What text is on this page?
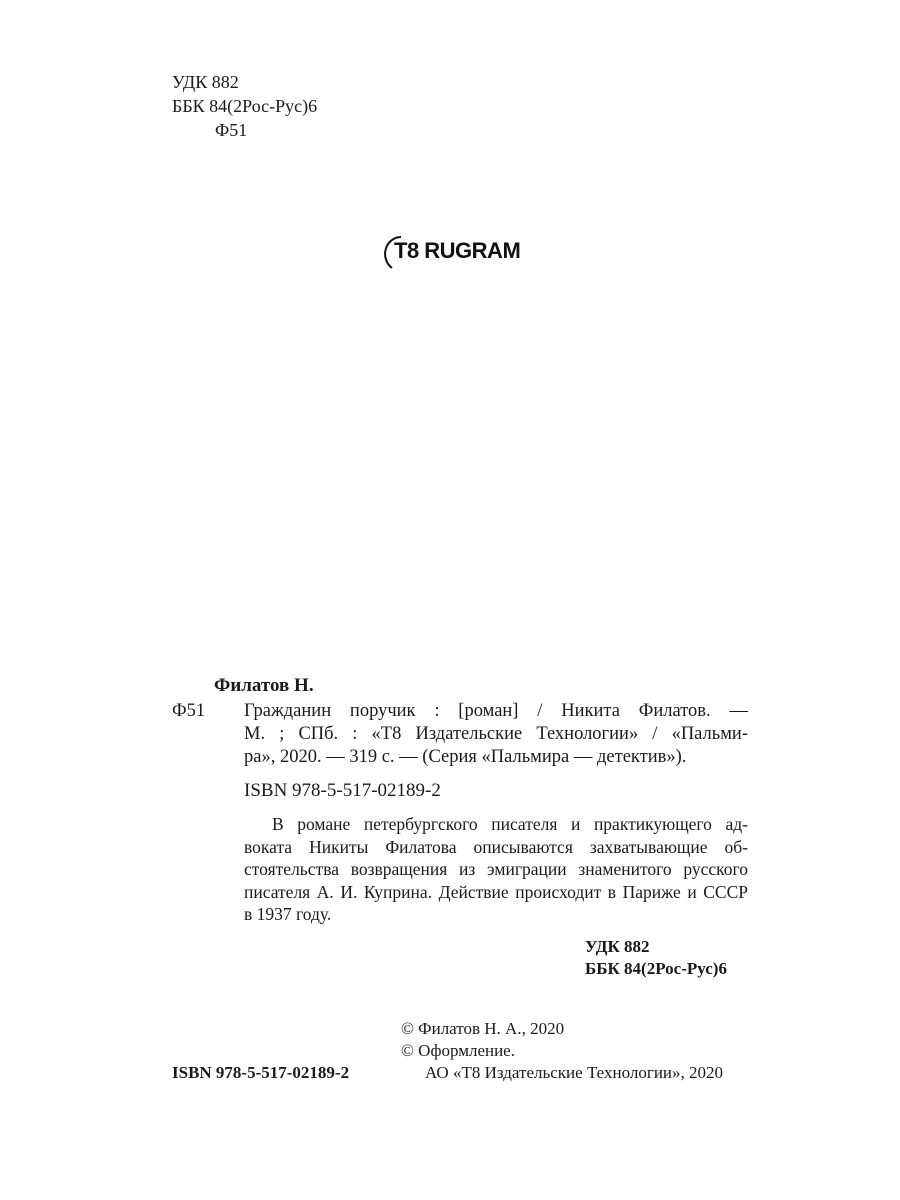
УДК 882
ББК 84(2Рос-Рус)6
Ф51
T8 RUGRAM
Филатов Н.
Ф51	Гражданин поручик : [роман] / Никита Филатов. —
М. ; СПб. : «Т8 Издательские Технологии» / «Пальми-
ра», 2020. — 319 с. — (Серия «Пальмира — детектив»).
ISBN 978-5-517-02189-2
В романе петербургского писателя и практикующего ад-
воката Никиты Филатова описываются захватывающие об-
стоятельства возвращения из эмиграции знаменитого русского
писателя А. И. Куприна. Действие происходит в Париже и СССР
в 1937 году.
УДК 882
ББК 84(2Рос-Рус)6
© Филатов Н. А., 2020
© Оформление.
АО «Т8 Издательские Технологии», 2020
ISBN 978-5-517-02189-2
